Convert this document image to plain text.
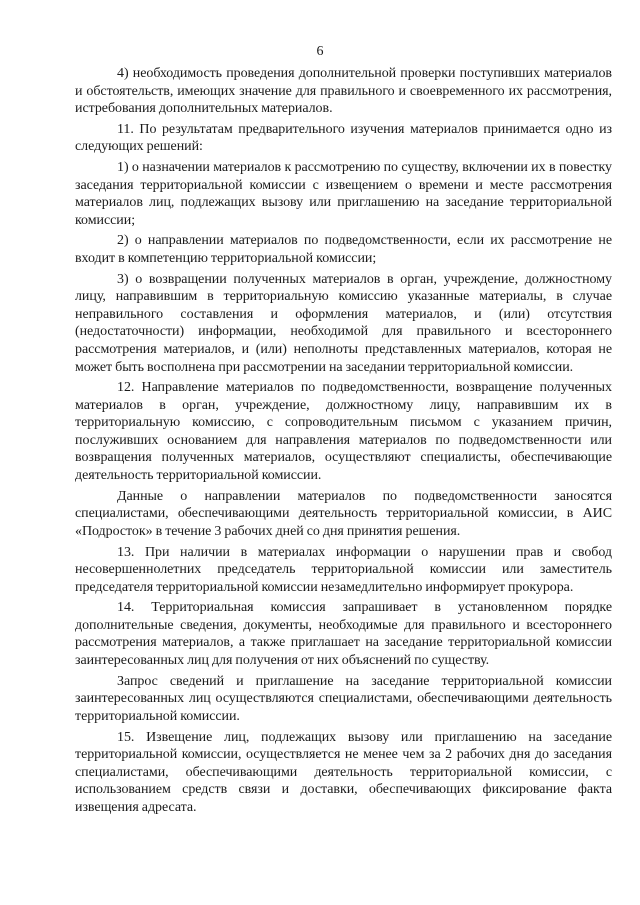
6

4) необходимость проведения дополнительной проверки поступивших материалов и обстоятельств, имеющих значение для правильного и своевременного их рассмотрения, истребования дополнительных материалов.

11. По результатам предварительного изучения материалов принимается одно из следующих решений:

1) о назначении материалов к рассмотрению по существу, включении их в повестку заседания территориальной комиссии с извещением о времени и месте рассмотрения материалов лиц, подлежащих вызову или приглашению на заседание территориальной комиссии;

2) о направлении материалов по подведомственности, если их рассмотрение не входит в компетенцию территориальной комиссии;

3) о возвращении полученных материалов в орган, учреждение, должностному лицу, направившим в территориальную комиссию указанные материалы, в случае неправильного составления и оформления материалов, и (или) отсутствия (недостаточности) информации, необходимой для правильного и всестороннего рассмотрения материалов, и (или) неполноты представленных материалов, которая не может быть восполнена при рассмотрении на заседании территориальной комиссии.

12. Направление материалов по подведомственности, возвращение полученных материалов в орган, учреждение, должностному лицу, направившим их в территориальную комиссию, с сопроводительным письмом с указанием причин, послуживших основанием для направления материалов по подведомственности или возвращения полученных материалов, осуществляют специалисты, обеспечивающие деятельность территориальной комиссии.

Данные о направлении материалов по подведомственности заносятся специалистами, обеспечивающими деятельность территориальной комиссии, в АИС «Подросток» в течение 3 рабочих дней со дня принятия решения.

13. При наличии в материалах информации о нарушении прав и свобод несовершеннолетних председатель территориальной комиссии или заместитель председателя территориальной комиссии незамедлительно информирует прокурора.

14. Территориальная комиссия запрашивает в установленном порядке дополнительные сведения, документы, необходимые для правильного и всестороннего рассмотрения материалов, а также приглашает на заседание территориальной комиссии заинтересованных лиц для получения от них объяснений по существу.

Запрос сведений и приглашение на заседание территориальной комиссии заинтересованных лиц осуществляются специалистами, обеспечивающими деятельность территориальной комиссии.

15. Извещение лиц, подлежащих вызову или приглашению на заседание территориальной комиссии, осуществляется не менее чем за 2 рабочих дня до заседания специалистами, обеспечивающими деятельность территориальной комиссии, с использованием средств связи и доставки, обеспечивающих фиксирование факта извещения адресата.
